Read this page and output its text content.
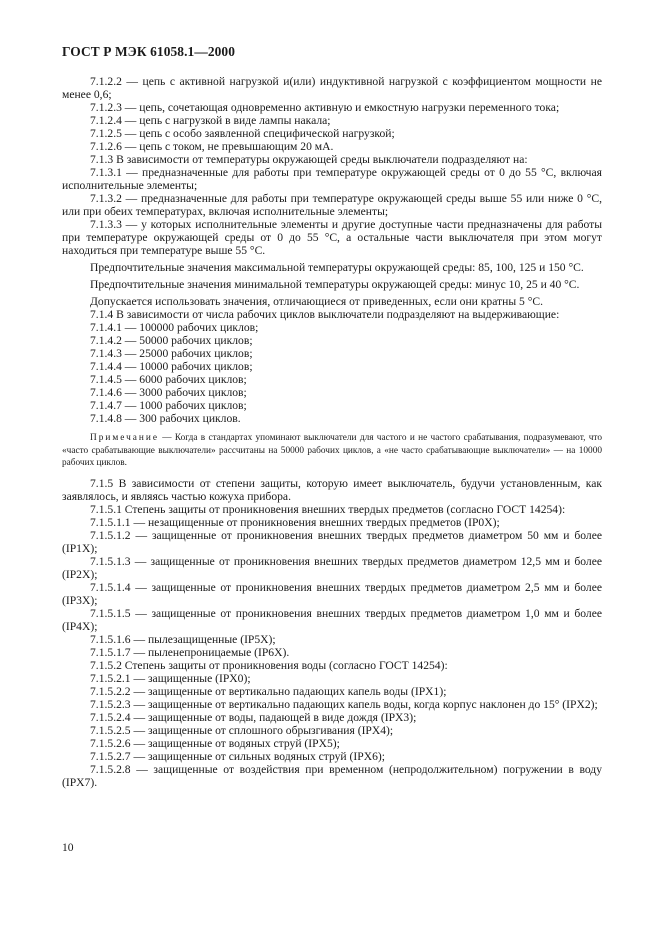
ГОСТ Р МЭК 61058.1—2000

7.1.2.2 — цепь с активной нагрузкой и(или) индуктивной нагрузкой с коэффициентом мощности не менее 0,6;

7.1.2.3 — цепь, сочетающая одновременно активную и емкостную нагрузки переменного тока;

7.1.2.4 — цепь с нагрузкой в виде лампы накала;

7.1.2.5 — цепь с особо заявленной специфической нагрузкой;

7.1.2.6 — цепь с током, не превышающим 20 мА.

7.1.3 В зависимости от температуры окружающей среды выключатели подразделяют на:

7.1.3.1 — предназначенные для работы при температуре окружающей среды от 0 до 55 °С, включая исполнительные элементы;

7.1.3.2 — предназначенные для работы при температуре окружающей среды выше 55 или ниже 0 °С, или при обеих температурах, включая исполнительные элементы;

7.1.3.3 — у которых исполнительные элементы и другие доступные части предназначены для работы при температуре окружающей среды от 0 до 55 °С, а остальные части выключателя при этом могут находиться при температуре выше 55 °С.

Предпочтительные значения максимальной температуры окружающей среды: 85, 100, 125 и 150 °С.

Предпочтительные значения минимальной температуры окружающей среды: минус 10, 25 и 40 °С.

Допускается использовать значения, отличающиеся от приведенных, если они кратны 5 °С.

7.1.4 В зависимости от числа рабочих циклов выключатели подразделяют на выдерживающие:

7.1.4.1 — 100000 рабочих циклов;

7.1.4.2 — 50000 рабочих циклов;

7.1.4.3 — 25000 рабочих циклов;

7.1.4.4 — 10000 рабочих циклов;

7.1.4.5 — 6000 рабочих циклов;

7.1.4.6 — 3000 рабочих циклов;

7.1.4.7 — 1000 рабочих циклов;

7.1.4.8 — 300 рабочих циклов.

Примечание — Когда в стандартах упоминают выключатели для частого и не частого срабатывания, подразумевают, что «часто срабатывающие выключатели» рассчитаны на 50000 рабочих циклов, а «не часто срабатывающие выключатели» — на 10000 рабочих циклов.

7.1.5 В зависимости от степени защиты, которую имеет выключатель, будучи установленным, как заявлялось, и являясь частью кожуха прибора.

7.1.5.1 Степень защиты от проникновения внешних твердых предметов (согласно ГОСТ 14254):

7.1.5.1.1 — незащищенные от проникновения внешних твердых предметов (IP0X);

7.1.5.1.2 — защищенные от проникновения внешних твердых предметов диаметром 50 мм и более (IP1X);

7.1.5.1.3 — защищенные от проникновения внешних твердых предметов диаметром 12,5 мм и более (IP2X);

7.1.5.1.4 — защищенные от проникновения внешних твердых предметов диаметром 2,5 мм и более (IP3X);

7.1.5.1.5 — защищенные от проникновения внешних твердых предметов диаметром 1,0 мм и более (IP4X);

7.1.5.1.6 — пылезащищенные (IP5X);

7.1.5.1.7 — пыленепроницаемые (IP6X).

7.1.5.2 Степень защиты от проникновения воды (согласно ГОСТ 14254):

7.1.5.2.1 — защищенные (IPX0);

7.1.5.2.2 — защищенные от вертикально падающих капель воды (IPX1);

7.1.5.2.3 — защищенные от вертикально падающих капель воды, когда корпус наклонен до 15° (IPX2);

7.1.5.2.4 — защищенные от воды, падающей в виде дождя (IPX3);

7.1.5.2.5 — защищенные от сплошного обрызгивания (IPX4);

7.1.5.2.6 — защищенные от водяных струй (IPX5);

7.1.5.2.7 — защищенные от сильных водяных струй (IPX6);

7.1.5.2.8 — защищенные от воздействия при временном (непродолжительном) погружении в воду (IPX7).

10
